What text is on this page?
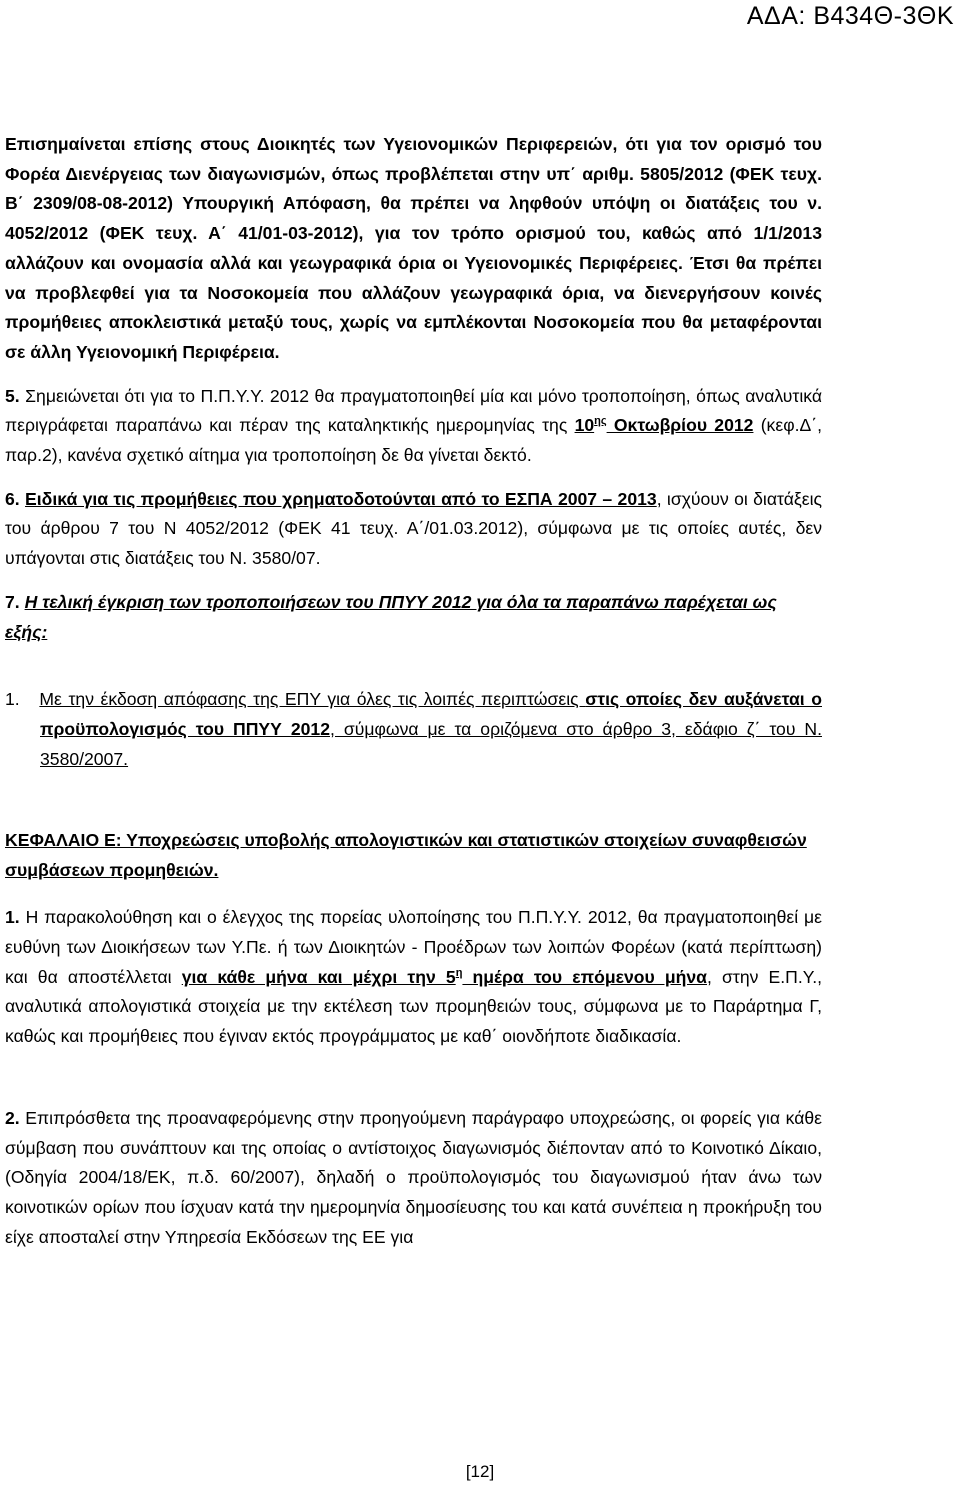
ΑΔΑ: Β434Θ-3ΘΚ

Επισημαίνεται επίσης στους Διοικητές των Υγειονομικών Περιφερειών, ότι για τον ορισμό του Φορέα Διενέργειας των διαγωνισμών, όπως προβλέπεται στην υπ΄ αριθμ. 5805/2012 (ΦΕΚ τευχ. Β΄ 2309/08-08-2012) Υπουργική Απόφαση, θα πρέπει να ληφθούν υπόψη οι διατάξεις του ν. 4052/2012 (ΦΕΚ τευχ. Α΄ 41/01-03-2012), για τον τρόπο ορισμού του, καθώς από 1/1/2013 αλλάζουν και ονομασία αλλά και γεωγραφικά όρια οι Υγειονομικές Περιφέρειες. Έτσι θα πρέπει να προβλεφθεί για τα Νοσοκομεία που αλλάζουν γεωγραφικά όρια, να διενεργήσουν κοινές προμήθειες αποκλειστικά μεταξύ τους, χωρίς να εμπλέκονται Νοσοκομεία που θα μεταφέρονται σε άλλη Υγειονομική Περιφέρεια.

5. Σημειώνεται ότι για το Π.Π.Υ.Υ. 2012 θα πραγματοποιηθεί μία και μόνο τροποποίηση, όπως αναλυτικά περιγράφεται παραπάνω και πέραν της καταληκτικής ημερομηνίας της $10^{\eta\varsigma}$ Οκτωβρίου 2012 (κεφ.Δ΄, παρ.2), κανένα σχετικό αίτημα για τροποποίηση δε θα γίνεται δεκτό.

6. Ειδικά για τις προμήθειες που χρηματοδοτούνται από το ΕΣΠΑ 2007 – 2013, ισχύουν οι διατάξεις του άρθρου 7 του Ν 4052/2012 (ΦΕΚ 41 τευχ. Α΄/01.03.2012), σύμφωνα με τις οποίες αυτές, δεν υπάγονται στις διατάξεις του Ν. 3580/07.

7. Η τελική έγκριση των τροποποιήσεων του ΠΠΥΥ 2012 για όλα τα παραπάνω παρέχεται ως εξής:

1. Με την έκδοση απόφασης της ΕΠΥ για όλες τις λοιπές περιπτώσεις στις οποίες δεν αυξάνεται ο προϋπολογισμός του ΠΠΥΥ 2012, σύμφωνα με τα οριζόμενα στο άρθρο 3, εδάφιο ζ΄ του Ν. 3580/2007.

ΚΕΦΑΛΑΙΟ Ε: Υποχρεώσεις υποβολής απολογιστικών και στατιστικών στοιχείων συναφθεισών συμβάσεων προμηθειών.

1. Η παρακολούθηση και ο έλεγχος της πορείας υλοποίησης του Π.Π.Υ.Υ. 2012, θα πραγματοποιηθεί με ευθύνη των Διοικήσεων των Υ.Πε. ή των Διοικητών - Προέδρων των λοιπών Φορέων (κατά περίπτωση) και θα αποστέλλεται για κάθε μήνα και μέχρι την $5^\eta$ ημέρα του επόμενου μήνα, στην Ε.Π.Υ., αναλυτικά απολογιστικά στοιχεία με την εκτέλεση των προμηθειών τους, σύμφωνα με το Παράρτημα Γ, καθώς και προμήθειες που έγιναν εκτός προγράμματος με καθ΄ οιονδήποτε διαδικασία.

2. Επιπρόσθετα της προαναφερόμενης στην προηγούμενη παράγραφο υποχρεώσης, οι φορείς για κάθε σύμβαση που συνάπτουν και της οποίας ο αντίστοιχος διαγωνισμός διέπονταν από το Κοινοτικό Δίκαιο, (Οδηγία 2004/18/ΕΚ, π.δ. 60/2007), δηλαδή ο προϋπολογισμός του διαγωνισμού ήταν άνω των κοινοτικών ορίων που ίσχυαν κατά την ημερομηνία δημοσίευσης του και κατά συνέπεια η προκήρυξη του είχε αποσταλεί στην Υπηρεσία Εκδόσεων της ΕΕ για

[12]
